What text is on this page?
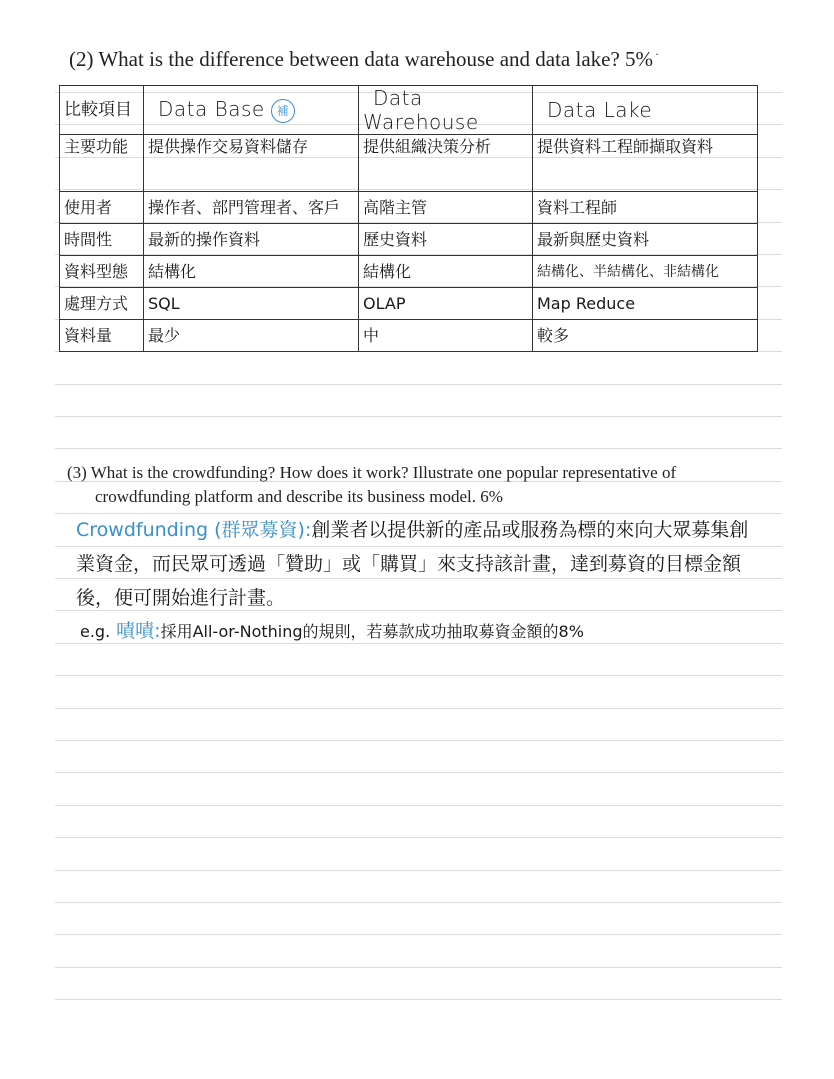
(2) What is the difference between data warehouse and data lake? 5% ·
比較項目	Data Base 補	Data Warehouse	Data Lake
主要功能	提供操作交易資料儲存	提供組織決策分析	提供資料工程師擷取資料
使用者	操作者、部門管理者、客戶	高階主管	資料工程師
時間性	最新的操作資料	歷史資料	最新與歷史資料
資料型態	結構化	結構化	結構化、半結構化、非結構化
處理方式	SQL	OLAP	Map Reduce
資料量	最少	中	較多
(3) What is the crowdfunding? How does it work? Illustrate one popular representative of
crowdfunding platform and describe its business model. 6%
Crowdfunding (群眾募資):創業者以提供新的產品或服務為標的來向大眾募集創業資金，而民眾可透過「贊助」或「購買」來支持該計畫，達到募資的目標金額後，便可開始進行計畫。
e.g. 嘖嘖:採用All-or-Nothing的規則，若募款成功抽取募資金額的8%
